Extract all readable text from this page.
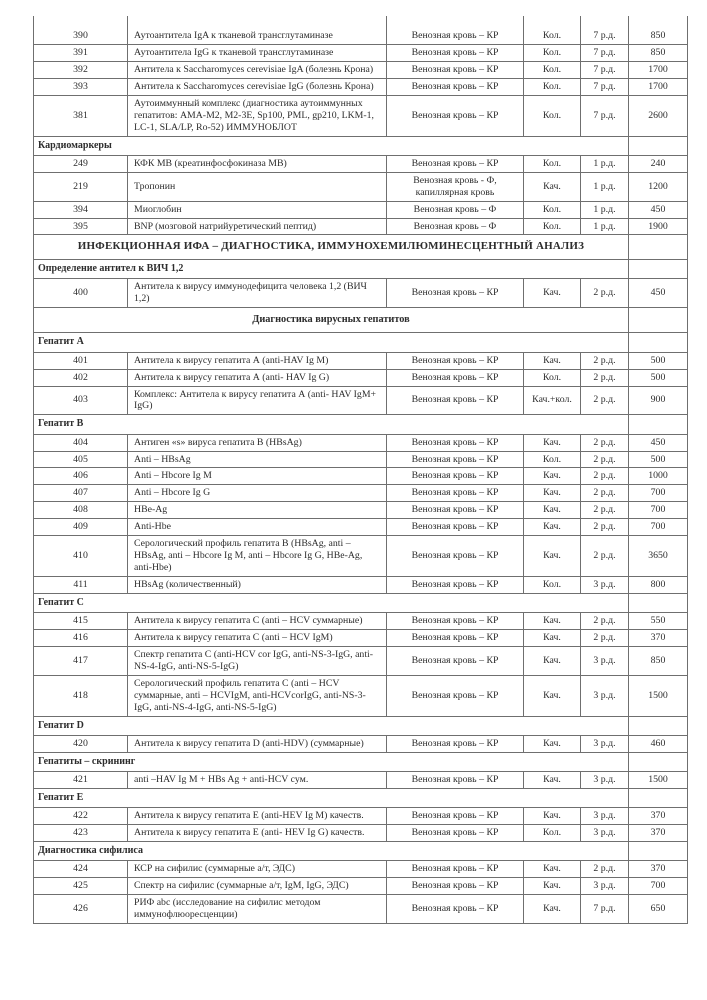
390	Аутоантитела IgA к тканевой трансглутаминазе	Венозная кровь – КР	Кол.	7 р.д.	850
391	Аутоантитела IgG к тканевой трансглутаминазе	Венозная кровь – КР	Кол.	7 р.д.	850
392	Антитела к Saccharomyces cerevisiae IgA (болезнь Крона)	Венозная кровь – КР	Кол.	7 р.д.	1700
393	Антитела к Saccharomyces cerevisiae IgG (болезнь Крона)	Венозная кровь – КР	Кол.	7 р.д.	1700
381	Аутоиммунный комплекс (диагностика аутоиммунных гепатитов: АМА-М2, М2-3Е, Sp100, PML, gp210, LKM-1, LC-1, SLA/LP, Ro-52) ИММУНОБЛОТ	Венозная кровь – КР	Кол.	7 р.д.	2600
Кардиомаркеры					
249	КФК МВ (креатинфосфокиназа МВ)	Венозная кровь – КР	Кол.	1 р.д.	240
219	Тропонин	Венозная кровь - Ф, капиллярная кровь	Кач.	1 р.д.	1200
394	Миоглобин	Венозная кровь – Ф	Кол.	1 р.д.	450
395	BNP (мозговой натрийуретический пептид)	Венозная кровь – Ф	Кол.	1 р.д.	1900
ИНФЕКЦИОННАЯ ИФА – ДИАГНОСТИКА, ИММУНОХЕМИЛЮМИНЕСЦЕНТНЫЙ АНАЛИЗ					
Определение антител к ВИЧ 1,2					
400	Антитела к вирусу иммунодефицита человека 1,2 (ВИЧ 1,2)	Венозная кровь – КР	Кач.	2 р.д.	450
Диагностика вирусных гепатитов					
Гепатит А					
401	Антитела к вирусу гепатита А (anti-HAV Ig M)	Венозная кровь – КР	Кач.	2 р.д.	500
402	Антитела к вирусу гепатита А (anti- HAV Ig G)	Венозная кровь – КР	Кол.	2 р.д.	500
403	Комплекс: Антитела к вирусу гепатита А (anti- HAV IgM+ IgG)	Венозная кровь – КР	Кач.+кол.	2 р.д.	900
Гепатит В					
404	Антиген «s» вируса гепатита В (HBsAg)	Венозная кровь – КР	Кач.	2 р.д.	450
405	Anti – HBsAg	Венозная кровь – КР	Кол.	2 р.д.	500
406	Anti – Hbcore Ig M	Венозная кровь – КР	Кач.	2 р.д.	1000
407	Anti – Hbcore Ig G	Венозная кровь – КР	Кач.	2 р.д.	700
408	HBe-Ag	Венозная кровь – КР	Кач.	2 р.д.	700
409	Anti-Hbe	Венозная кровь – КР	Кач.	2 р.д.	700
410	Серологический профиль гепатита В (HBsAg, anti – HBsAg, anti – Hbcore Ig M, anti – Hbcore Ig G, HBe-Ag, anti-Hbe)	Венозная кровь – КР	Кач.	2 р.д.	3650
411	HBsAg (количественный)	Венозная кровь – КР	Кол.	3 р.д.	800
Гепатит С					
415	Антитела к вирусу гепатита С (anti – HCV суммарные)	Венозная кровь – КР	Кач.	2 р.д.	550
416	Антитела к вирусу гепатита С (anti – HCV IgM)	Венозная кровь – КР	Кач.	2 р.д.	370
417	Спектр гепатита С (anti-HCV cor IgG, anti-NS-3-IgG, anti-NS-4-IgG, anti-NS-5-IgG)	Венозная кровь – КР	Кач.	3 р.д.	850
418	Серологический профиль гепатита С (anti – HCV суммарные, anti – HCVIgM, anti-HCVcorIgG, anti-NS-3-IgG, anti-NS-4-IgG, anti-NS-5-IgG)	Венозная кровь – КР	Кач.	3 р.д.	1500
Гепатит D					
420	Антитела к вирусу гепатита D (anti-HDV) (суммарные)	Венозная кровь – КР	Кач.	3 р.д.	460
Гепатиты – скрининг					
421	anti –HAV Ig M + HBs Ag + anti-HCV сум.	Венозная кровь – КР	Кач.	3 р.д.	1500
Гепатит Е					
422	Антитела к вирусу гепатита Е (anti-HEV Ig M) качеств.	Венозная кровь – КР	Кач.	3 р.д.	370
423	Антитела к вирусу гепатита Е (anti- HEV Ig G) качеств.	Венозная кровь – КР	Кол.	3 р.д.	370
Диагностика сифилиса					
424	КСР на сифилис (суммарные а/т, ЭДС)	Венозная кровь – КР	Кач.	2 р.д.	370
425	Спектр на сифилис (суммарные а/т, IgM, IgG, ЭДС)	Венозная кровь – КР	Кач.	3 р.д.	700
426	РИФ abc (исследование на сифилис методом иммунофлюоресценции)	Венозная кровь – КР	Кач.	7 р.д.	650
